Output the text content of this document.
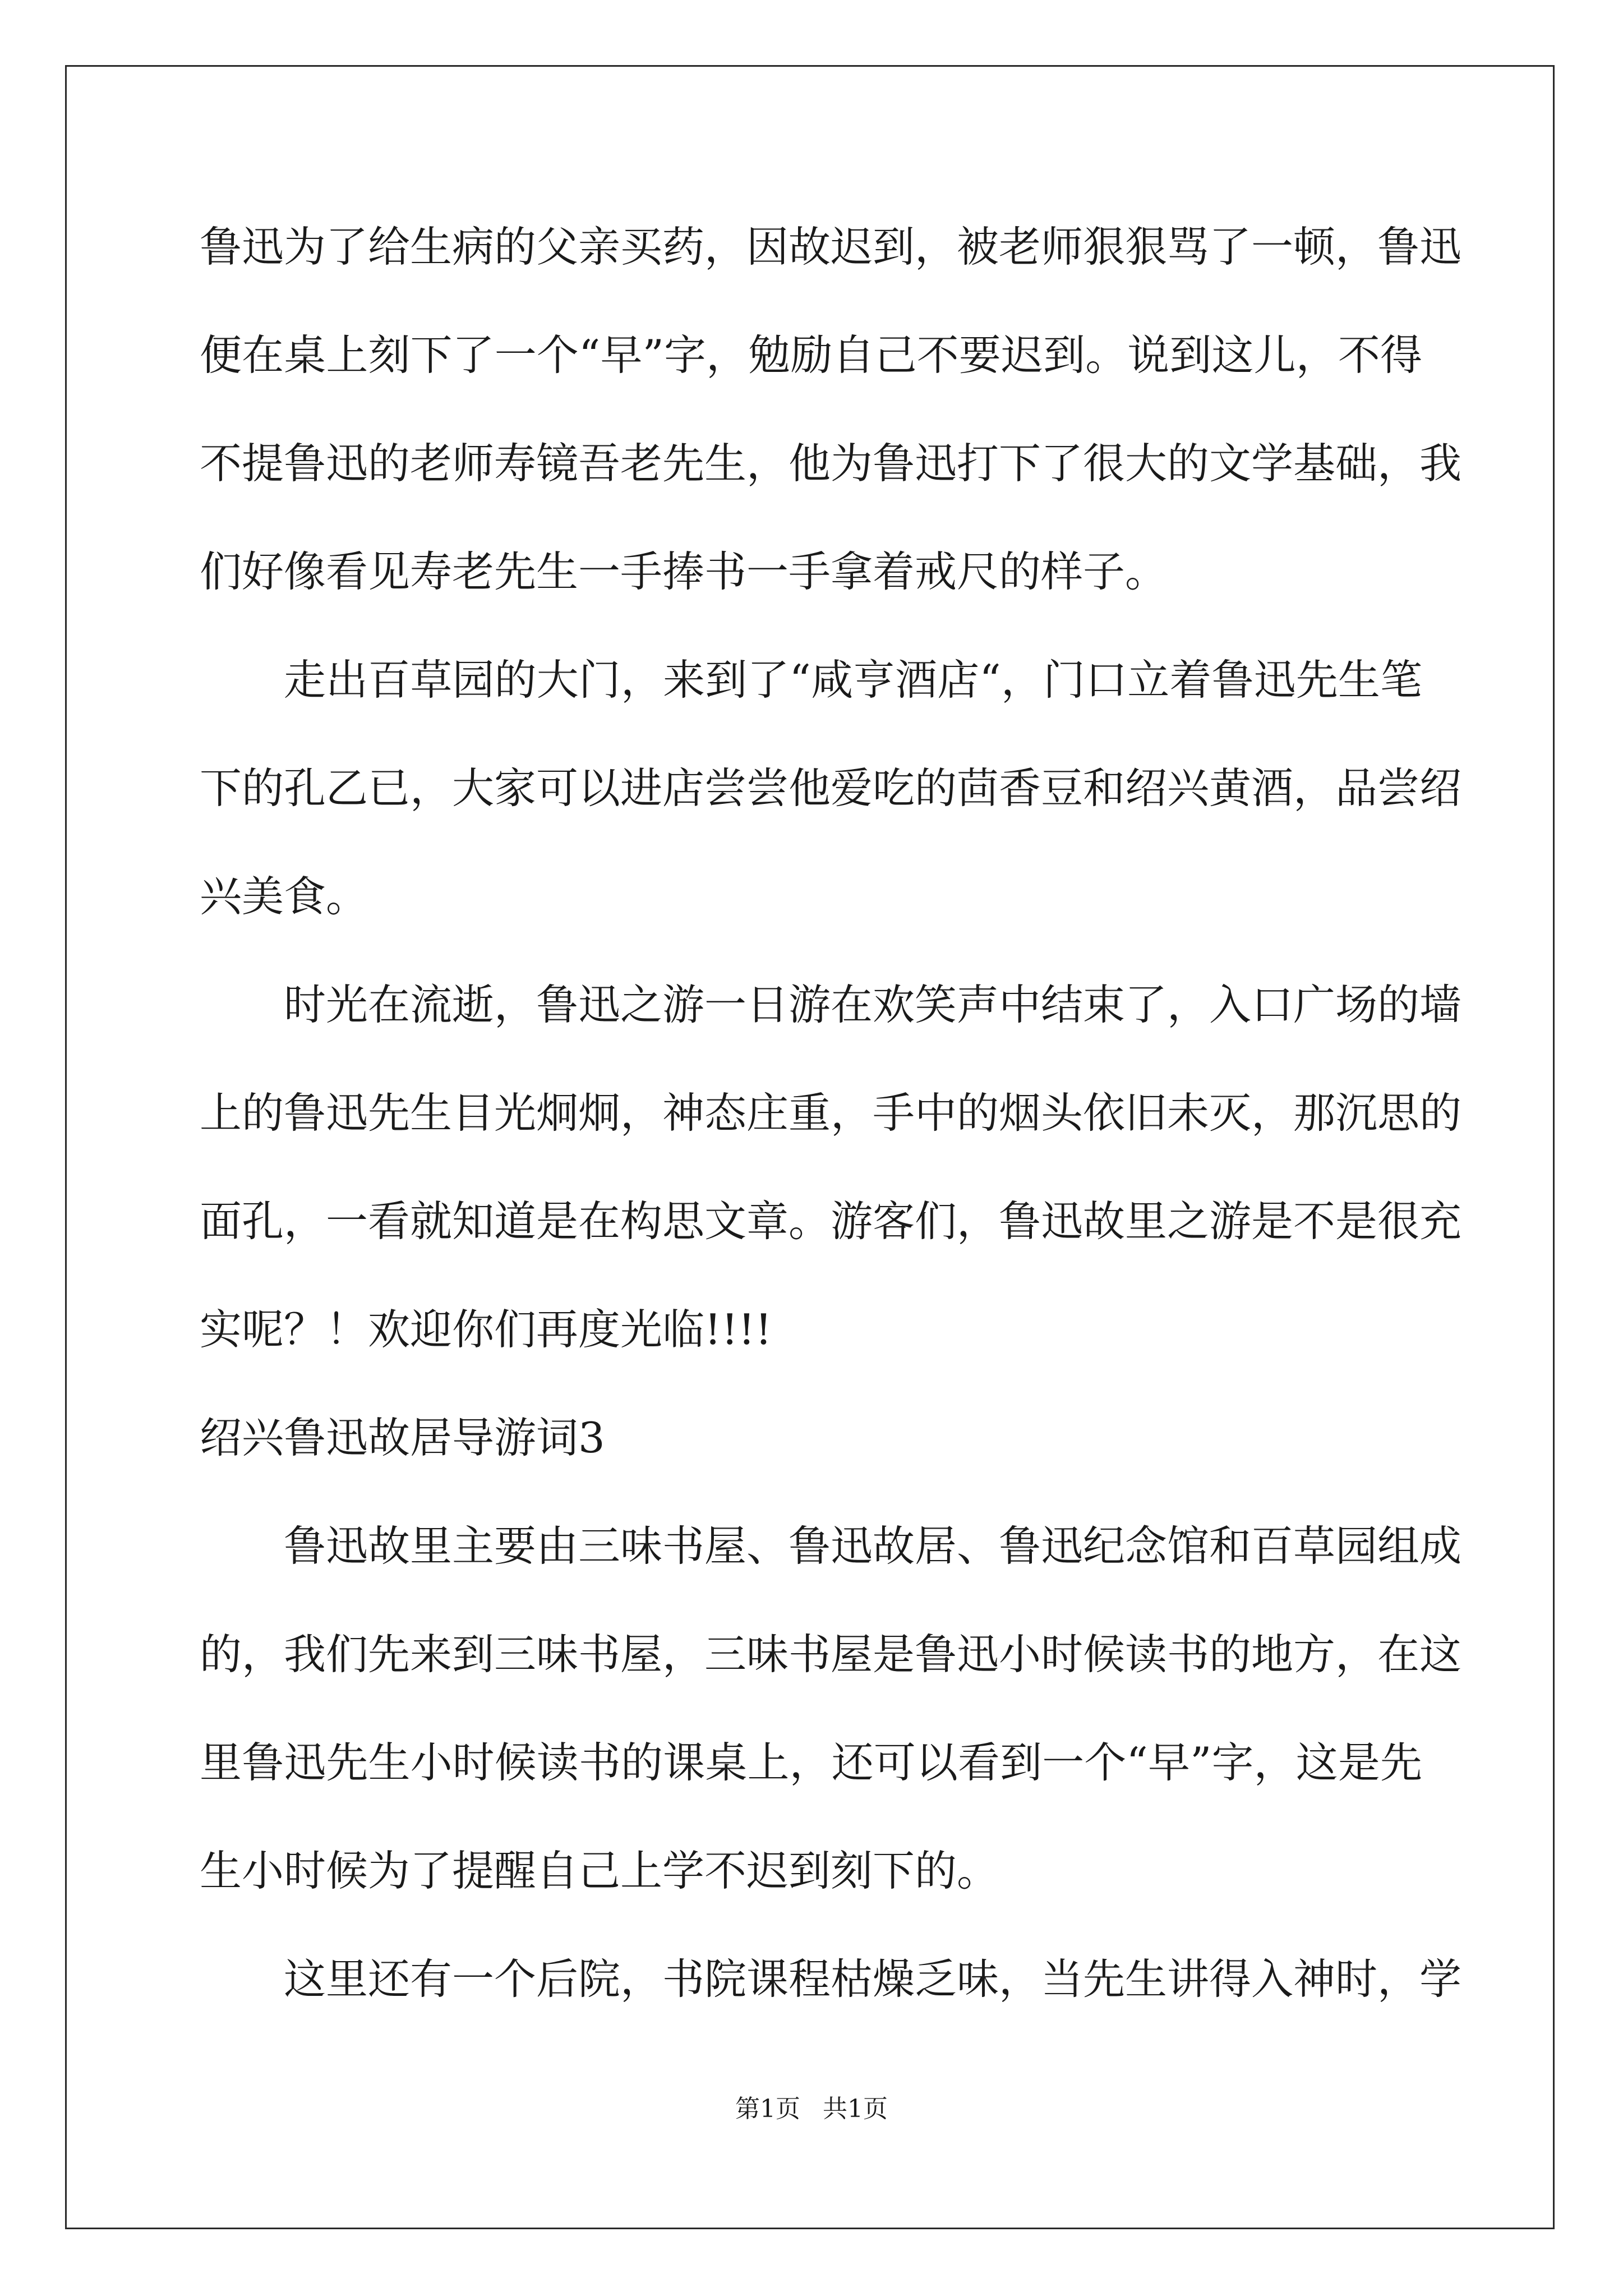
鲁迅为了给生病的父亲买药，因故迟到，被老师狠狠骂了一顿，鲁迅
便在桌上刻下了一个“早”字，勉励自己不要迟到。说到这儿，不得
不提鲁迅的老师寿镜吾老先生，他为鲁迅打下了很大的文学基础，我
们好像看见寿老先生一手捧书一手拿着戒尺的样子。
走出百草园的大门，来到了“咸亨酒店“，门口立着鲁迅先生笔
下的孔乙已，大家可以进店尝尝他爱吃的茴香豆和绍兴黄酒，品尝绍
兴美食。
时光在流逝，鲁迅之游一日游在欢笑声中结束了，入口广场的墙
上的鲁迅先生目光炯炯，神态庄重，手中的烟头依旧未灭，那沉思的
面孔，一看就知道是在构思文章。游客们，鲁迅故里之游是不是很充
实呢？！欢迎你们再度光临!!!!
绍兴鲁迅故居导游词3
鲁迅故里主要由三味书屋、鲁迅故居、鲁迅纪念馆和百草园组成
的，我们先来到三味书屋，三味书屋是鲁迅小时候读书的地方，在这
里鲁迅先生小时候读书的课桌上，还可以看到一个“早”字，这是先
生小时候为了提醒自己上学不迟到刻下的。
这里还有一个后院，书院课程枯燥乏味，当先生讲得入神时，学
第1页 共1页
